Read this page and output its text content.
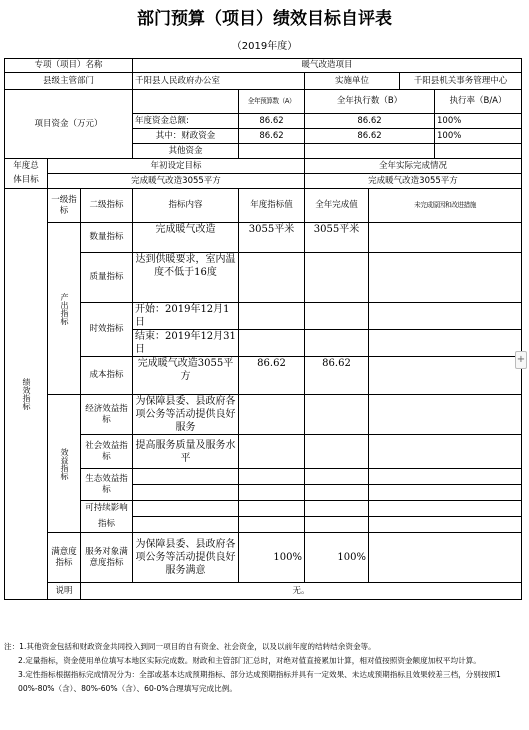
部门预算（项目）绩效目标自评表
（2019年度）
专项（项目）名称			暖气改造项目					
县级主管部门			千阳县人民政府办公室		实施单位		千阳县机关事务管理中心	
项目资金（万元）				全年预算数（A）	全年执行数（B）			执行率（B/A）
			年度资金总额:	86.62	86.62			100%
			其中：财政资金	86.62	86.62			100%
			其他资金					
年度总	年初设定目标				全年实际完成情况			
体目标	完成暖气改造3055平方				完成暖气改造3055平方			

绩效指标	一级指标	二级指标	指标内容	年度指标值	全年完成值	未完成原因和改进措施		

	产出指标	数量指标	完成暖气改造	3055平米	3055平米			
		质量指标	达到供暖要求，室内温度不低于16度					
		时效指标	开始：2019年12月1日					
			结束：2019年12月31日					
		成本指标	完成暖气改造3055平方	86.62	86.62			

	效益指标	经济效益指标	为保障县委、县政府各项公务等活动提供良好服务					
		社会效益指标	提高服务质量及服务水平					
		生态效益指标						

		可持续影响						
		指标						
	满意度指标	服务对象满意度指标	为保障县委、县政府各项公务等活动提供良好服务满意	100%	100%			
	说明	无。						

注：1.其他资金包括和财政资金共同投入到同一项目的自有资金、社会资金，以及以前年度的结转结余资金等。

2.定量指标，资金使用单位填写本地区实际完成数。财政和主管部门汇总时，对绝对值直接累加计算，相对值按照资金额度加权平均计算。

3.定性指标根据指标完成情况分为：全部或基本达成预期指标、部分达成预期指标并具有一定效果、未达成预期指标且效果较差三档，分别按照1

00%-80%（含）、80%-60%（含）、60-0%合理填写完成比例。

+
